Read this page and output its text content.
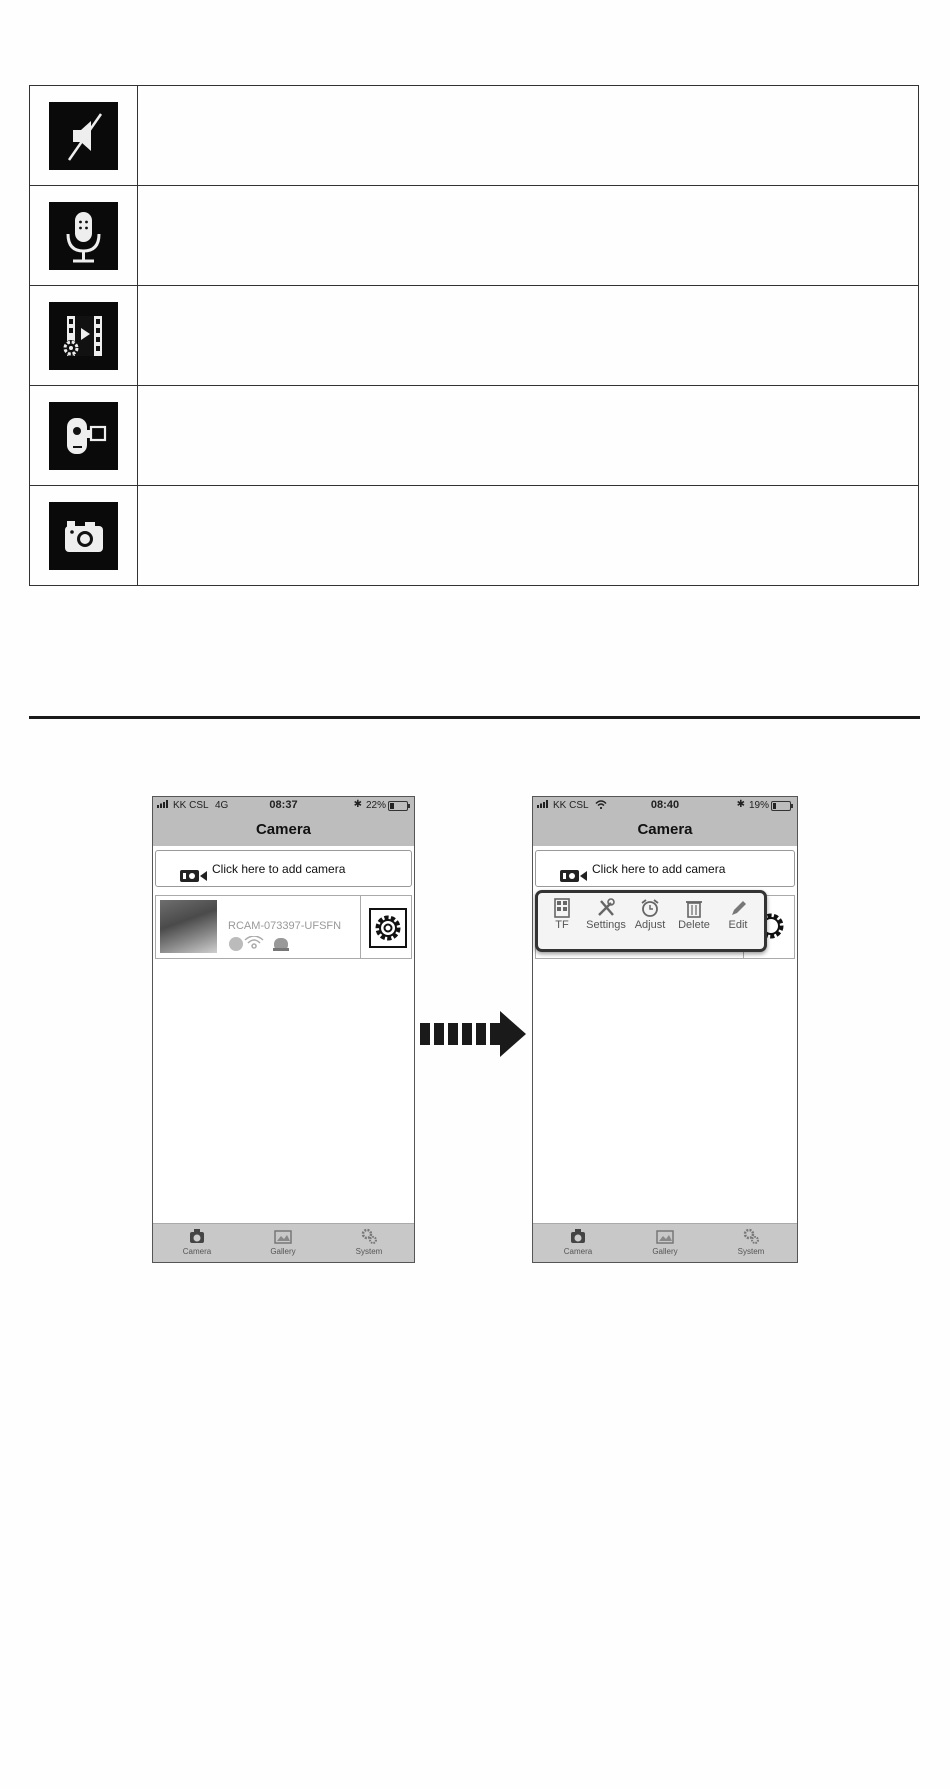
KK CSL 4G	08:37	✱ 22%
Camera
Click here to add camera
RCAM-073397-UFSFN
Camera	Gallery	System
KK CSL	08:40	✱ 19%
Camera
Click here to add camera
TF	Settings Adjust	Delete	Edit
Camera	Gallery	System
